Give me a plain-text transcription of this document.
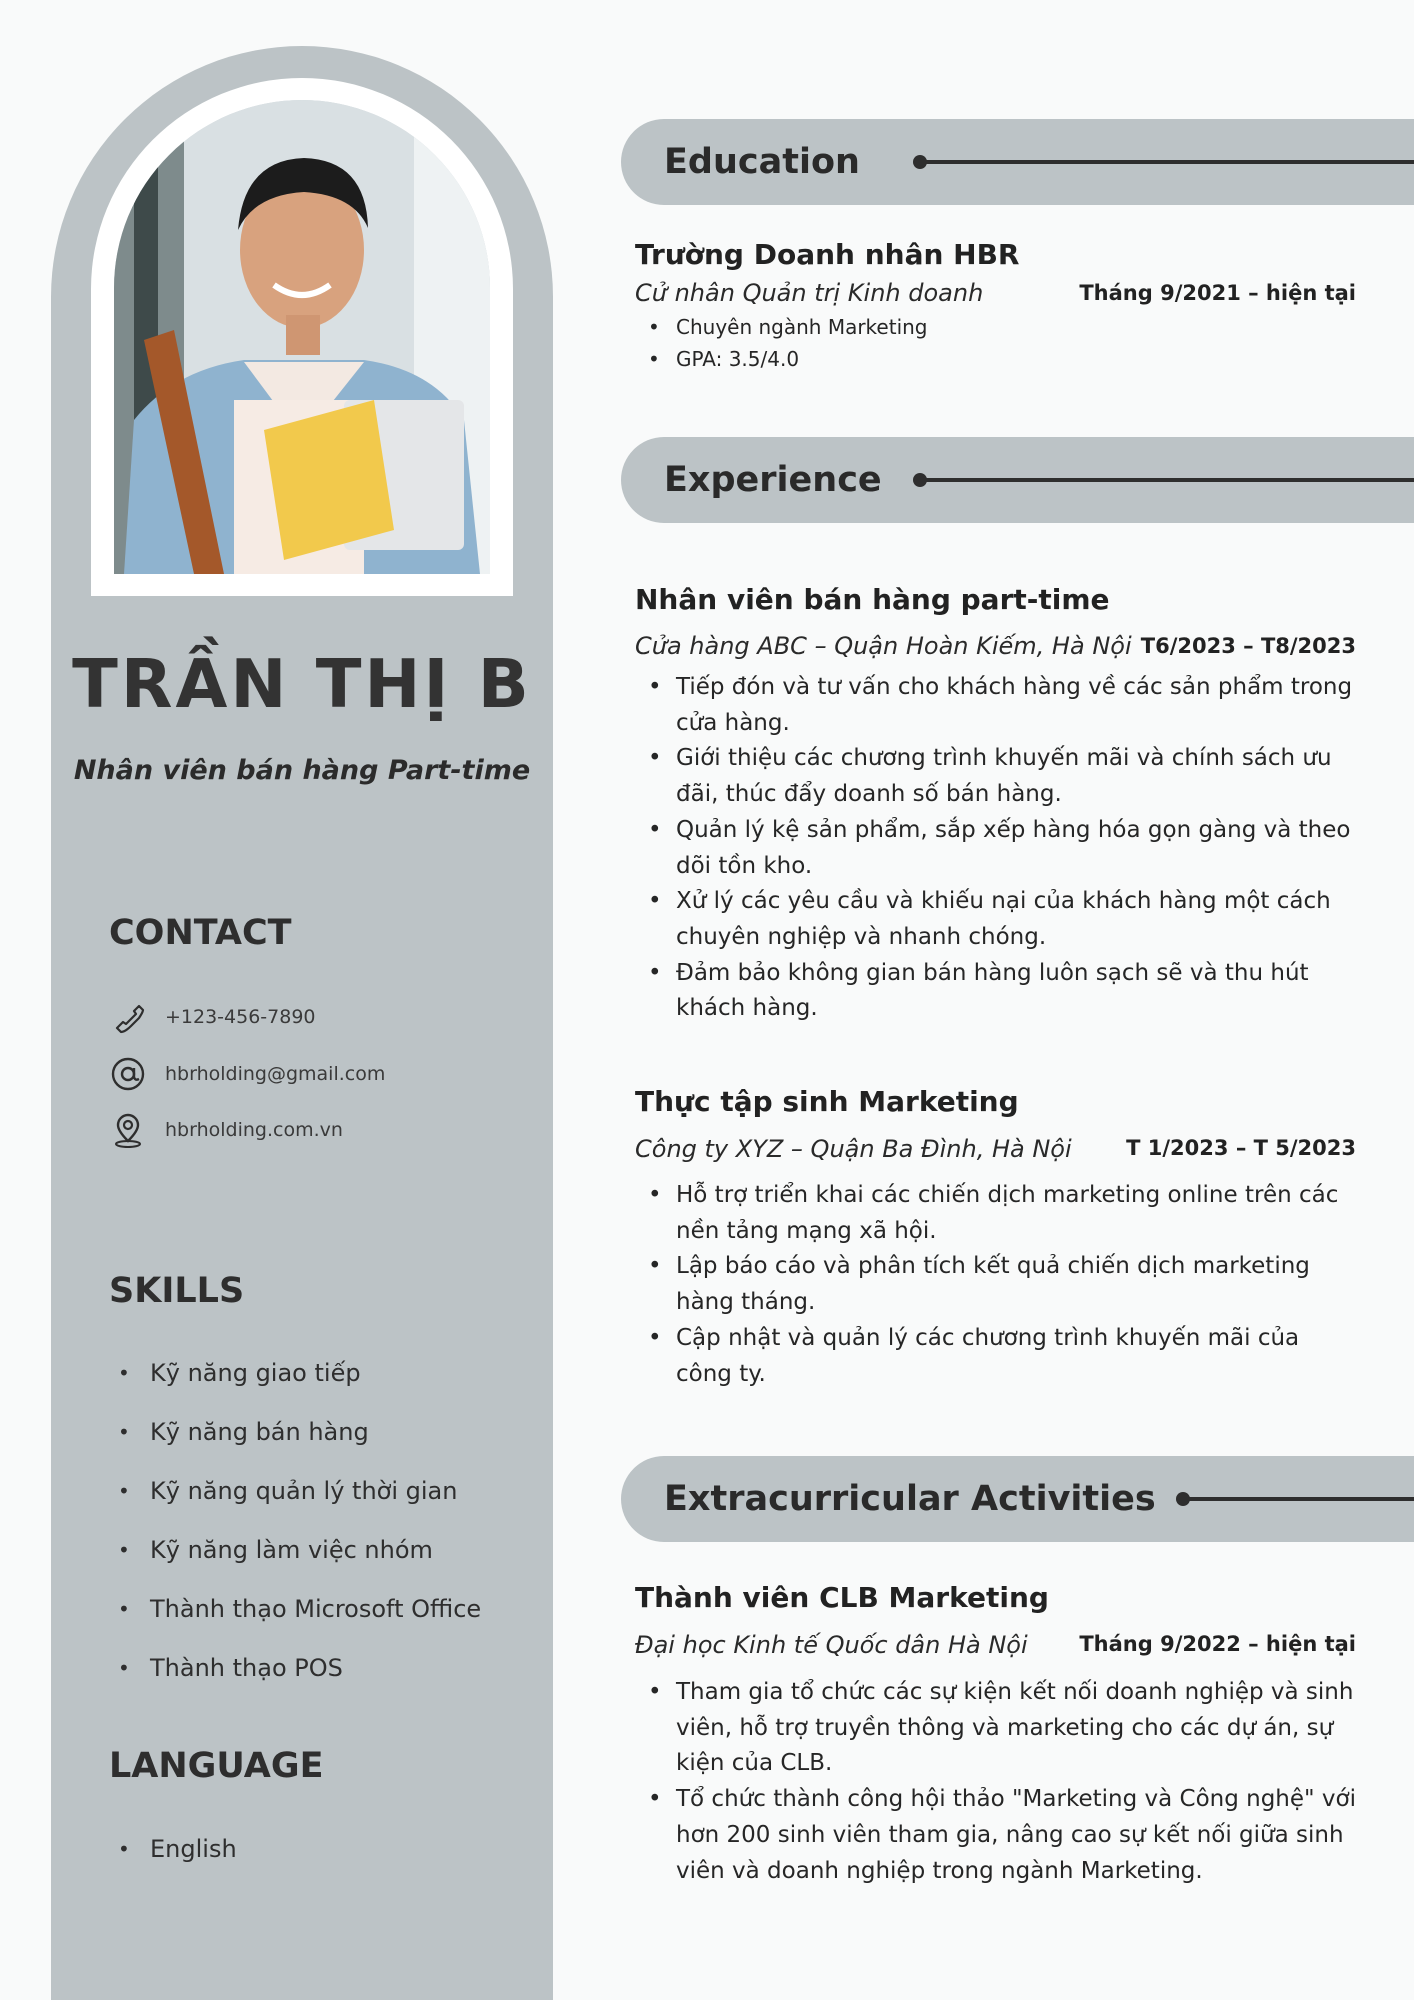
TRẦN THỊ B
Nhân viên bán hàng Part-time
CONTACT
+123-456-7890
hbrholding@gmail.com
hbrholding.com.vn
SKILLS
• Kỹ năng giao tiếp
• Kỹ năng bán hàng
• Kỹ năng quản lý thời gian
• Kỹ năng làm việc nhóm
• Thành thạo Microsoft Office
• Thành thạo POS
LANGUAGE
• English
Education
Trường Doanh nhân HBR
Cử nhân Quản trị Kinh doanh	Tháng 9/2021 – hiện tại
• Chuyên ngành Marketing
• GPA: 3.5/4.0
Experience
Nhân viên bán hàng part-time
Cửa hàng ABC – Quận Hoàn Kiếm, Hà Nội T6/2023 – T8/2023
• Tiếp đón và tư vấn cho khách hàng về các sản phẩm trong cửa hàng.
• Giới thiệu các chương trình khuyến mãi và chính sách ưu đãi, thúc đẩy doanh số bán hàng.
• Quản lý kệ sản phẩm, sắp xếp hàng hóa gọn gàng và theo dõi tồn kho.
• Xử lý các yêu cầu và khiếu nại của khách hàng một cách chuyên nghiệp và nhanh chóng.
• Đảm bảo không gian bán hàng luôn sạch sẽ và thu hút khách hàng.
Thực tập sinh Marketing
Công ty XYZ – Quận Ba Đình, Hà Nội	T 1/2023 – T 5/2023
• Hỗ trợ triển khai các chiến dịch marketing online trên các nền tảng mạng xã hội.
• Lập báo cáo và phân tích kết quả chiến dịch marketing hàng tháng.
• Cập nhật và quản lý các chương trình khuyến mãi của công ty.
Extracurricular Activities
Thành viên CLB Marketing
Đại học Kinh tế Quốc dân Hà Nội Tháng 9/2022 – hiện tại
• Tham gia tổ chức các sự kiện kết nối doanh nghiệp và sinh viên, hỗ trợ truyền thông và marketing cho các dự án, sự kiện của CLB.
• Tổ chức thành công hội thảo "Marketing và Công nghệ" với hơn 200 sinh viên tham gia, nâng cao sự kết nối giữa sinh viên và doanh nghiệp trong ngành Marketing.
